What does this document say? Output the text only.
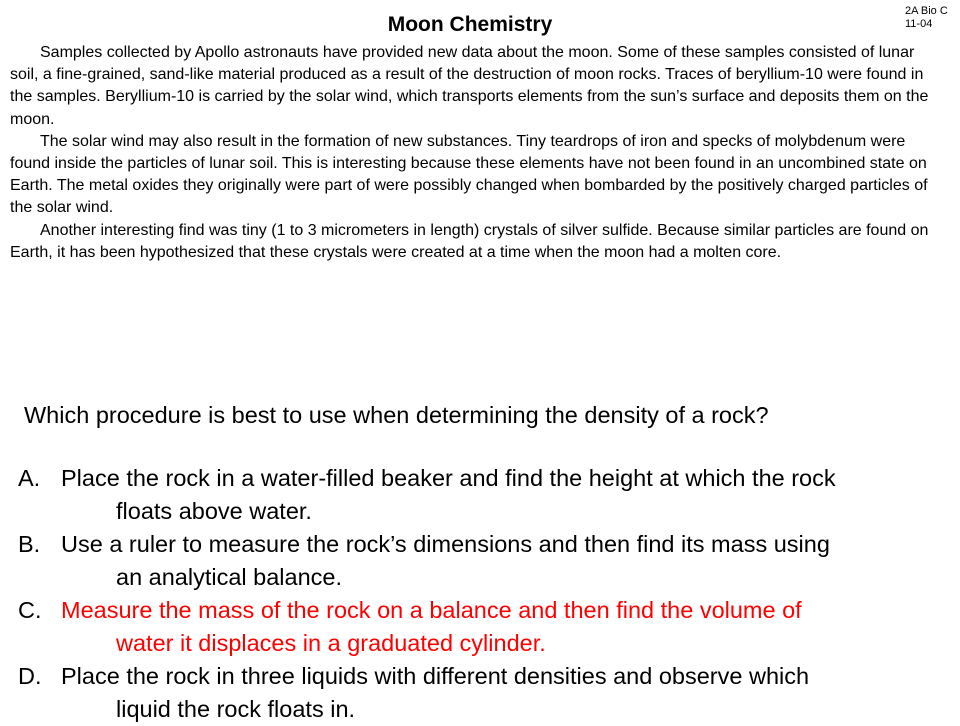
2A Bio C 11-04
Moon Chemistry

Samples collected by Apollo astronauts have provided new data about the moon. Some of these samples consisted of lunar soil, a fine-grained, sand-like material produced as a result of the destruction of moon rocks. Traces of beryllium-10 were found in the samples. Beryllium-10 is carried by the solar wind, which transports elements from the sun’s surface and deposits them on the moon.

The solar wind may also result in the formation of new substances. Tiny teardrops of iron and specks of molybdenum were found inside the particles of lunar soil. This is interesting because these elements have not been found in an uncombined state on Earth. The metal oxides they originally were part of were possibly changed when bombarded by the positively charged particles of the solar wind.

Another interesting find was tiny (1 to 3 micrometers in length) crystals of silver sulfide. Because similar particles are found on Earth, it has been hypothesized that these crystals were created at a time when the moon had a molten core.

Which procedure is best to use when determining the density of a rock?
A. Place the rock in a water-filled beaker and find the height at which the rock
floats above water.
B. Use a ruler to measure the rock’s dimensions and then find its mass using
an analytical balance.
C. Measure the mass of the rock on a balance and then find the volume of
water it displaces in a graduated cylinder.
D. Place the rock in three liquids with different densities and observe which
liquid the rock floats in.
